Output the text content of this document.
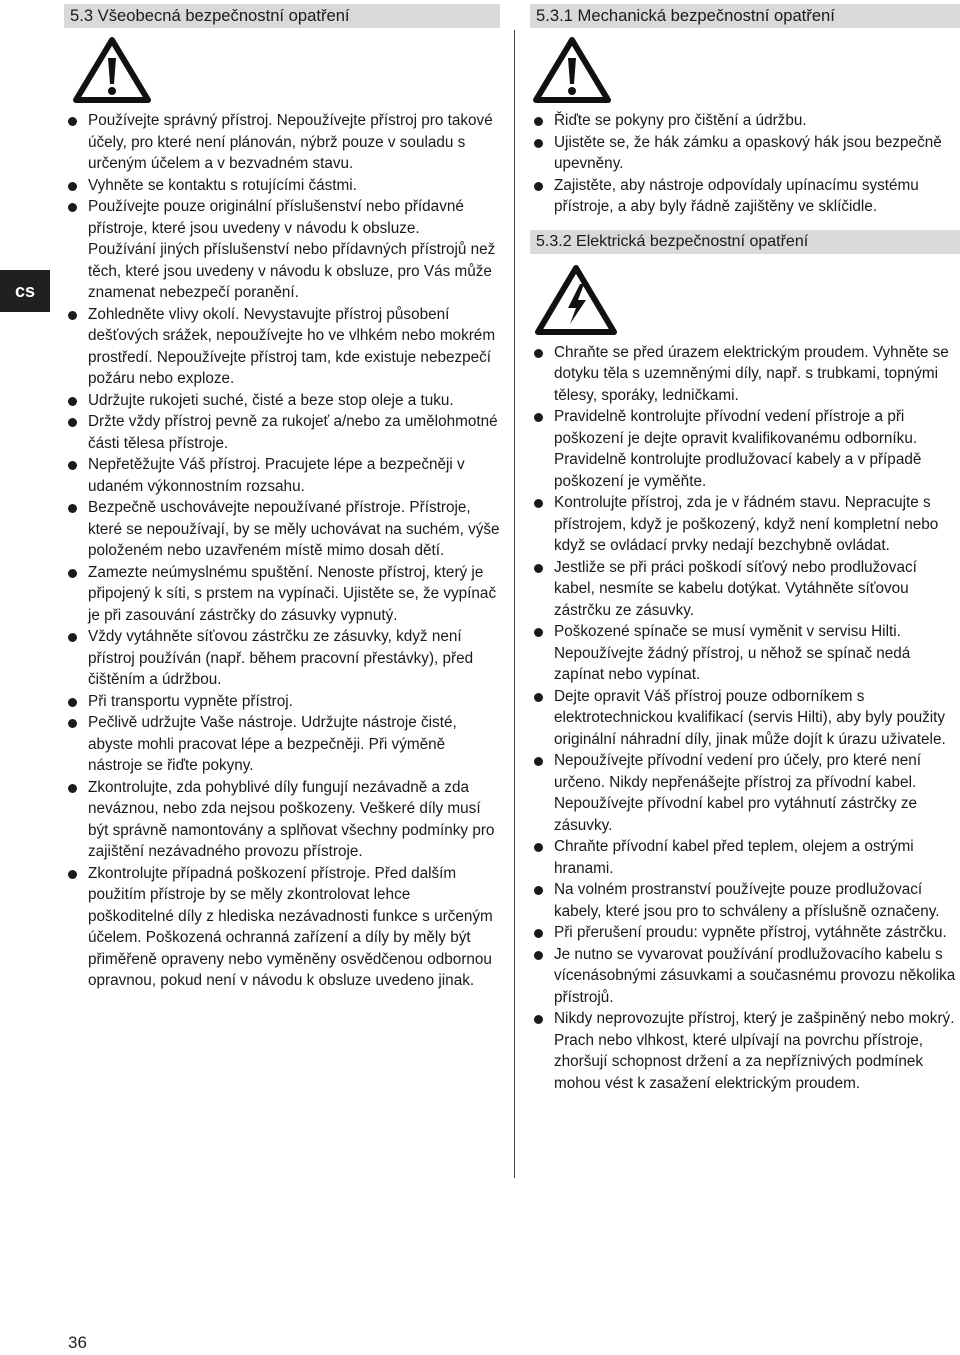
cs
5.3 Všeobecná bezpečnostní opatření
Používejte správný přístroj. Nepoužívejte přístroj pro takové účely, pro které není plánován, nýbrž pouze v souladu s určeným účelem a v bezvadném stavu.
Vyhněte se kontaktu s rotujícími částmi.
Používejte pouze originální příslušenství nebo přídavné přístroje, které jsou uvedeny v návodu k obsluze.
Používání jiných příslušenství nebo přídavných přístrojů než těch, které jsou uvedeny v návodu k obsluze, pro Vás může znamenat nebezpečí poranění.
Zohledněte vlivy okolí. Nevystavujte přístroj působení dešťových srážek, nepoužívejte ho ve vlhkém nebo mokrém prostředí. Nepoužívejte přístroj tam, kde existuje nebezpečí požáru nebo exploze.
Udržujte rukojeti suché, čisté a beze stop oleje a tuku.
Držte vždy přístroj pevně za rukojeť a/nebo za umělohmotné části tělesa přístroje.
Nepřetěžujte Váš přístroj. Pracujete lépe a bezpečněji v udaném výkonnostním rozsahu.
Bezpečně uschovávejte nepoužívané přístroje. Přístroje, které se nepoužívají, by se měly uchovávat na suchém, výše položeném nebo uzavřeném místě mimo dosah dětí.
Zamezte neúmyslnému spuštění. Nenoste přístroj, který je připojený k síti, s prstem na vypínači. Ujistěte se, že vypínač je při zasouvání zástrčky do zásuvky vypnutý.
Vždy vytáhněte síťovou zástrčku ze zásuvky, když není přístroj používán (např. během pracovní přestávky), před čištěním a údržbou.
Při transportu vypněte přístroj.
Pečlivě udržujte Vaše nástroje. Udržujte nástroje čisté, abyste mohli pracovat lépe a bezpečněji. Při výměně nástroje se řiďte pokyny.
Zkontrolujte, zda pohyblivé díly fungují nezávadně a zda neváznou, nebo zda nejsou poškozeny. Veškeré díly musí být správně namontovány a splňovat všechny podmínky pro zajištění nezávadného provozu přístroje.
Zkontrolujte případná poškození přístroje. Před dalším použitím přístroje by se měly zkontrolovat lehce poškoditelné díly z hlediska nezávadnosti funkce s určeným účelem. Poškozená ochranná zařízení a díly by měly být přiměřeně opraveny nebo vyměněny osvědčenou odbornou opravnou, pokud není v návodu k obsluze uvedeno jinak.
5.3.1 Mechanická bezpečnostní opatření
Řiďte se pokyny pro čištění a údržbu.
Ujistěte se, že hák zámku a opaskový hák jsou bezpečně upevněny.
Zajistěte, aby nástroje odpovídaly upínacímu systému přístroje, a aby byly řádně zajištěny ve sklíčidle.
5.3.2 Elektrická bezpečnostní opatření
Chraňte se před úrazem elektrickým proudem. Vyhněte se dotyku těla s uzemněnými díly, např. s trubkami, topnými tělesy, sporáky, ledničkami.
Pravidelně kontrolujte přívodní vedení přístroje a při poškození je dejte opravit kvalifikovanému odborníku.
Pravidelně kontrolujte prodlužovací kabely a v případě poškození je vyměňte.
Kontrolujte přístroj, zda je v řádném stavu. Nepracujte s přístrojem, když je poškozený, když není kompletní nebo když se ovládací prvky nedají bezchybně ovládat.
Jestliže se při práci poškodí síťový nebo prodlužovací kabel, nesmíte se kabelu dotýkat. Vytáhněte síťovou zástrčku ze zásuvky.
Poškozené spínače se musí vyměnit v servisu Hilti. Nepoužívejte žádný přístroj, u něhož se spínač nedá zapínat nebo vypínat.
Dejte opravit Váš přístroj pouze odborníkem s elektrotechnickou kvalifikací (servis Hilti), aby byly použity originální náhradní díly, jinak může dojít k úrazu uživatele.
Nepoužívejte přívodní vedení pro účely, pro které není určeno. Nikdy nepřenášejte přístroj za přívodní kabel. Nepoužívejte přívodní kabel pro vytáhnutí zástrčky ze zásuvky.
Chraňte přívodní kabel před teplem, olejem a ostrými hranami.
Na volném prostranství používejte pouze prodlužovací kabely, které jsou pro to schváleny a příslušně označeny.
Při přerušení proudu: vypněte přístroj, vytáhněte zástrčku.
Je nutno se vyvarovat používání prodlužovacího kabelu s vícenásobnými zásuvkami a současnému provozu několika přístrojů.
Nikdy neprovozujte přístroj, který je zašpiněný nebo mokrý. Prach nebo vlhkost, které ulpívají na povrchu přístroje, zhoršují schopnost držení a za nepříznivých podmínek mohou vést k zasažení elektrickým proudem.
36
